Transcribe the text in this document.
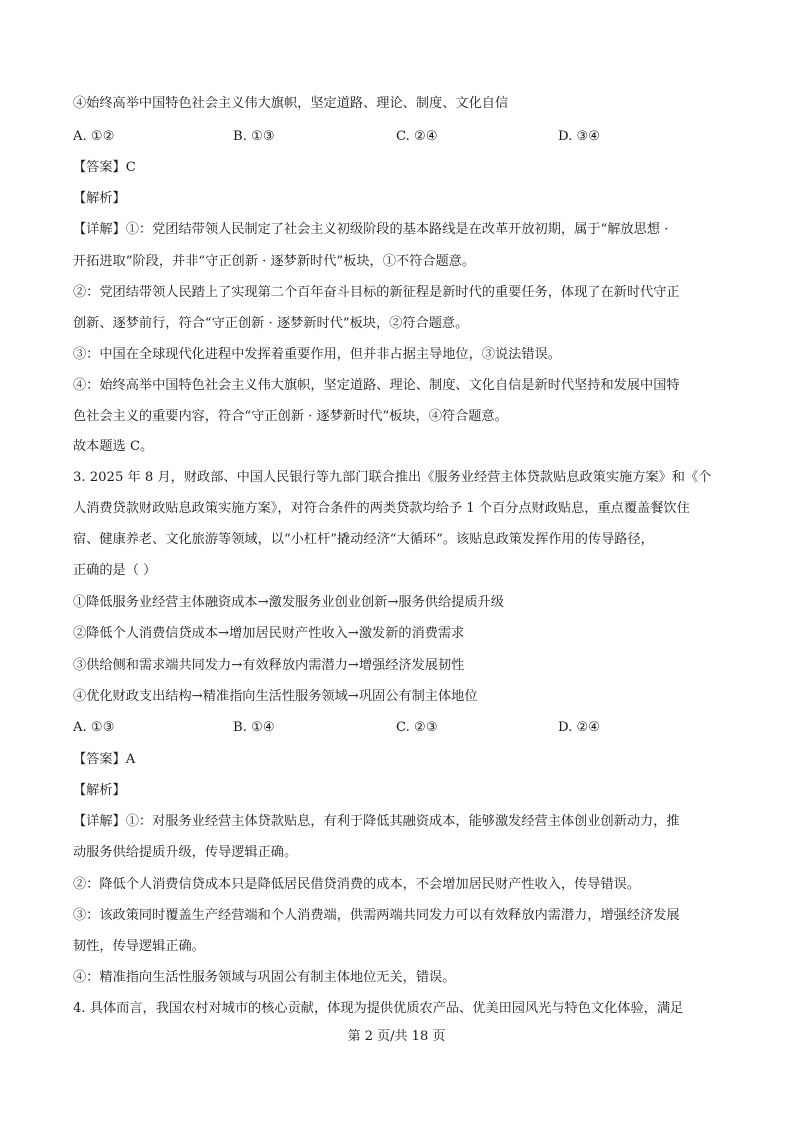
④始终高举中国特色社会主义伟大旗帜，坚定道路、理论、制度、文化自信
A. ①②	B. ①③	C. ②④	D. ③④
【答案】C
【解析】
【详解】①：党团结带领人民制定了社会主义初级阶段的基本路线是在改革开放初期，属于“解放思想 ·
开拓进取”阶段，并非“守正创新 · 逐梦新时代”板块，①不符合题意。
②：党团结带领人民踏上了实现第二个百年奋斗目标的新征程是新时代的重要任务，体现了在新时代守正
创新、逐梦前行，符合“守正创新 · 逐梦新时代”板块，②符合题意。
③：中国在全球现代化进程中发挥着重要作用，但并非占据主导地位，③说法错误。
④：始终高举中国特色社会主义伟大旗帜，坚定道路、理论、制度、文化自信是新时代坚持和发展中国特
色社会主义的重要内容，符合“守正创新 · 逐梦新时代”板块，④符合题意。
故本题选 C。
3. 2025 年 8 月，财政部、中国人民银行等九部门联合推出《服务业经营主体贷款贴息政策实施方案》和《个
人消费贷款财政贴息政策实施方案》，对符合条件的两类贷款均给予 1 个百分点财政贴息，重点覆盖餐饮住
宿、健康养老、文化旅游等领域，以“小杠杆”撬动经济“大循环”。该贴息政策发挥作用的传导路径，
正确的是（ ）
①降低服务业经营主体融资成本→激发服务业创业创新→服务供给提质升级
②降低个人消费信贷成本→增加居民财产性收入→激发新的消费需求
③供给侧和需求端共同发力→有效释放内需潜力→增强经济发展韧性
④优化财政支出结构→精准指向生活性服务领域→巩固公有制主体地位
A. ①③	B. ①④	C. ②③	D. ②④
【答案】A
【解析】
【详解】①：对服务业经营主体贷款贴息，有利于降低其融资成本，能够激发经营主体创业创新动力，推
动服务供给提质升级，传导逻辑正确。
②：降低个人消费信贷成本只是降低居民借贷消费的成本，不会增加居民财产性收入，传导错误。
③：该政策同时覆盖生产经营端和个人消费端，供需两端共同发力可以有效释放内需潜力，增强经济发展
韧性，传导逻辑正确。
④：精准指向生活性服务领域与巩固公有制主体地位无关，错误。
4. 具体而言，我国农村对城市的核心贡献，体现为提供优质农产品、优美田园风光与特色文化体验，满足
第 2 页/共 18 页
